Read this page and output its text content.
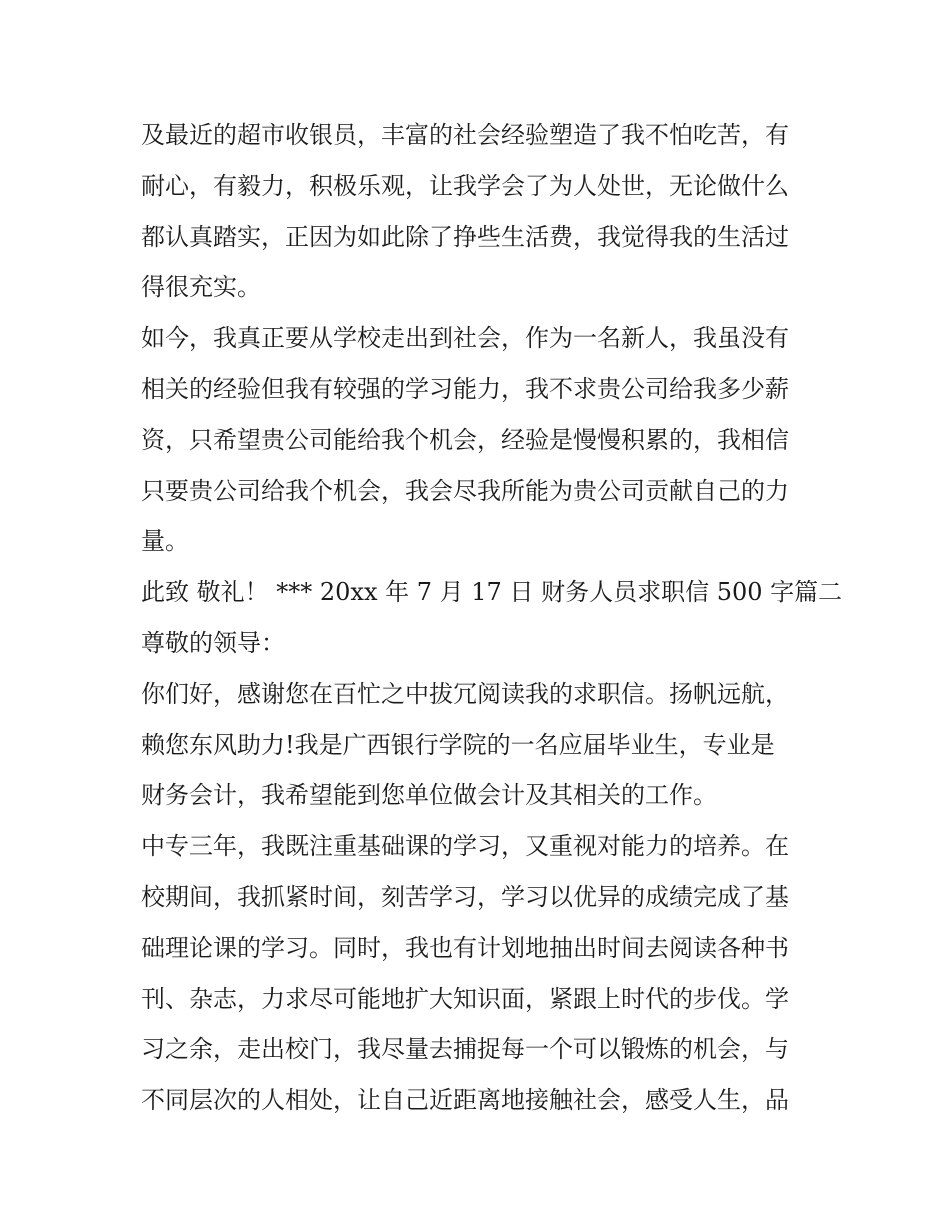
及最近的超市收银员，丰富的社会经验塑造了我不怕吃苦，有
耐心，有毅力，积极乐观，让我学会了为人处世，无论做什么
都认真踏实，正因为如此除了挣些生活费，我觉得我的生活过
得很充实。
如今，我真正要从学校走出到社会，作为一名新人，我虽没有
相关的经验但我有较强的学习能力，我不求贵公司给我多少薪
资，只希望贵公司能给我个机会，经验是慢慢积累的，我相信
只要贵公司给我个机会，我会尽我所能为贵公司贡献自己的力
量。
此致 敬礼！ *** 20xx 年 7 月 17 日 财务人员求职信 500 字篇二
尊敬的领导：
你们好，感谢您在百忙之中拔冗阅读我的求职信。扬帆远航，
赖您东风助力!我是广西银行学院的一名应届毕业生，专业是
财务会计，我希望能到您单位做会计及其相关的工作。
中专三年，我既注重基础课的学习，又重视对能力的培养。在
校期间，我抓紧时间，刻苦学习，学习以优异的成绩完成了基
础理论课的学习。同时，我也有计划地抽出时间去阅读各种书
刊、杂志，力求尽可能地扩大知识面，紧跟上时代的步伐。学
习之余，走出校门，我尽量去捕捉每一个可以锻炼的机会，与
不同层次的人相处，让自己近距离地接触社会，感受人生，品
